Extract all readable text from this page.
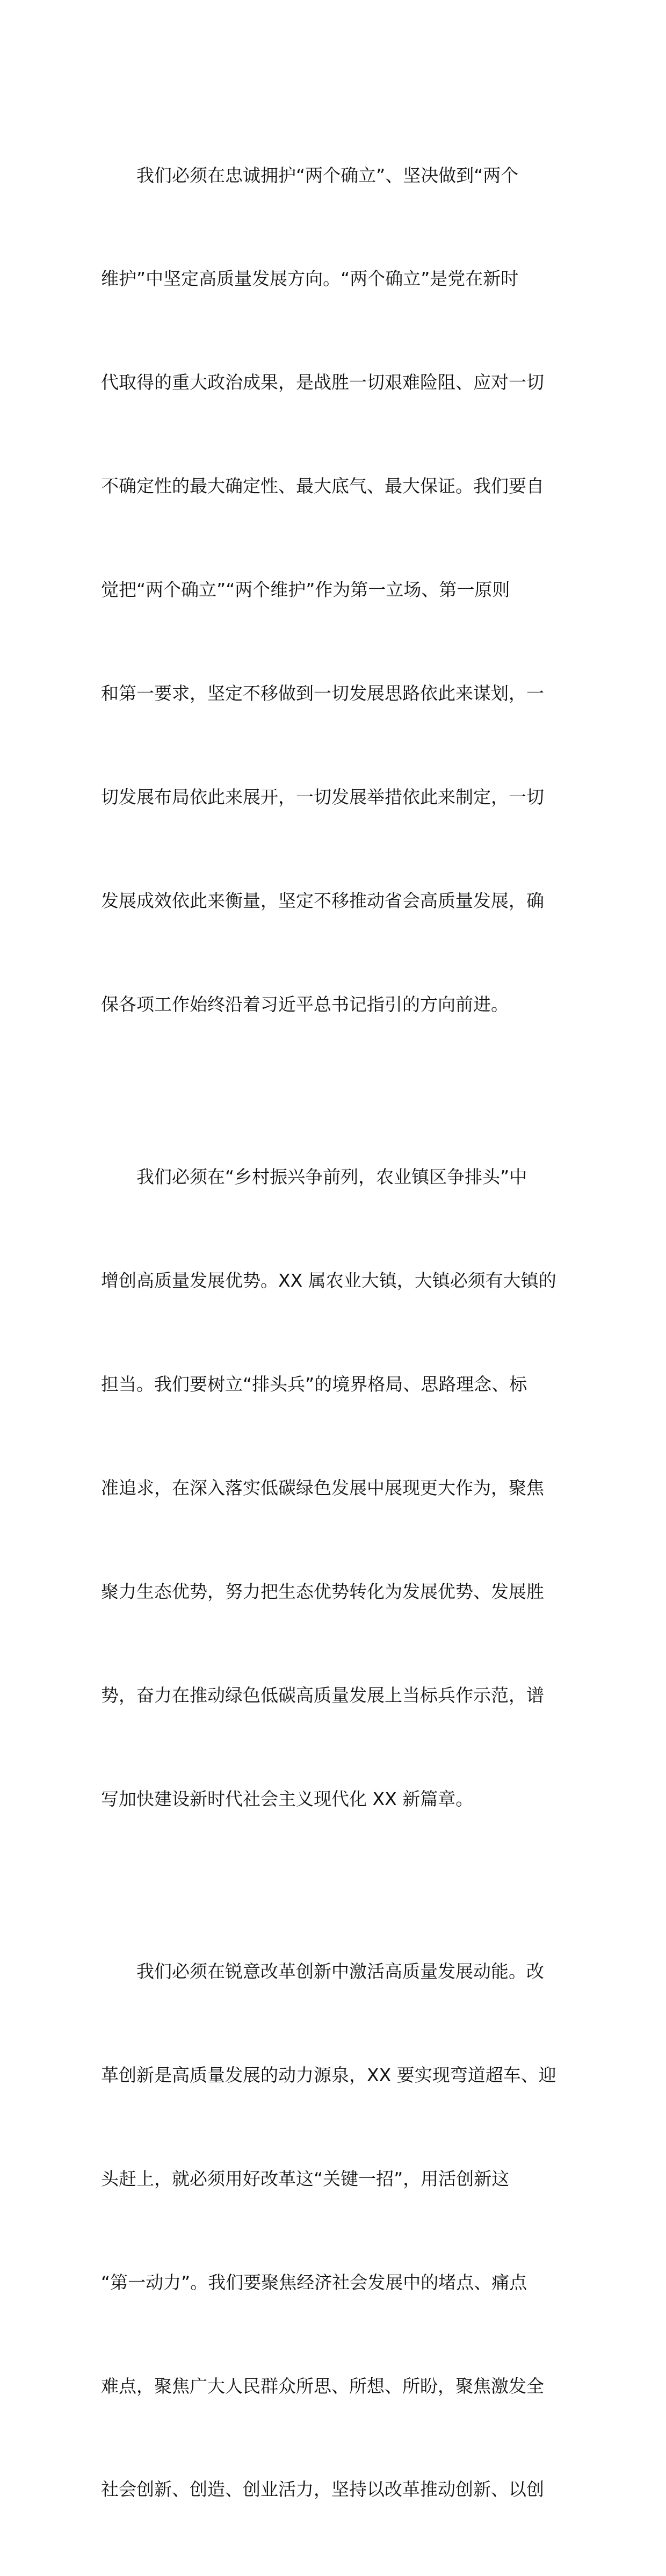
　　我们必须在忠诚拥护“两个确立”、坚决做到“两个

维护”中坚定高质量发展方向。“两个确立”是党在新时

代取得的重大政治成果，是战胜一切艰难险阻、应对一切

不确定性的最大确定性、最大底气、最大保证。我们要自

觉把“两个确立”“两个维护”作为第一立场、第一原则

和第一要求，坚定不移做到一切发展思路依此来谋划，一

切发展布局依此来展开，一切发展举措依此来制定，一切

发展成效依此来衡量，坚定不移推动省会高质量发展，确

保各项工作始终沿着习近平总书记指引的方向前进。

　　我们必须在“乡村振兴争前列，农业镇区争排头”中

增创高质量发展优势。XX 属农业大镇，大镇必须有大镇的

担当。我们要树立“排头兵”的境界格局、思路理念、标

准追求，在深入落实低碳绿色发展中展现更大作为，聚焦

聚力生态优势，努力把生态优势转化为发展优势、发展胜

势，奋力在推动绿色低碳高质量发展上当标兵作示范，谱

写加快建设新时代社会主义现代化 XX 新篇章。

　　我们必须在锐意改革创新中激活高质量发展动能。改

革创新是高质量发展的动力源泉，XX 要实现弯道超车、迎

头赶上，就必须用好改革这“关键一招”，用活创新这

“第一动力”。我们要聚焦经济社会发展中的堵点、痛点

难点，聚焦广大人民群众所思、所想、所盼，聚焦激发全

社会创新、创造、创业活力，坚持以改革推动创新、以创
